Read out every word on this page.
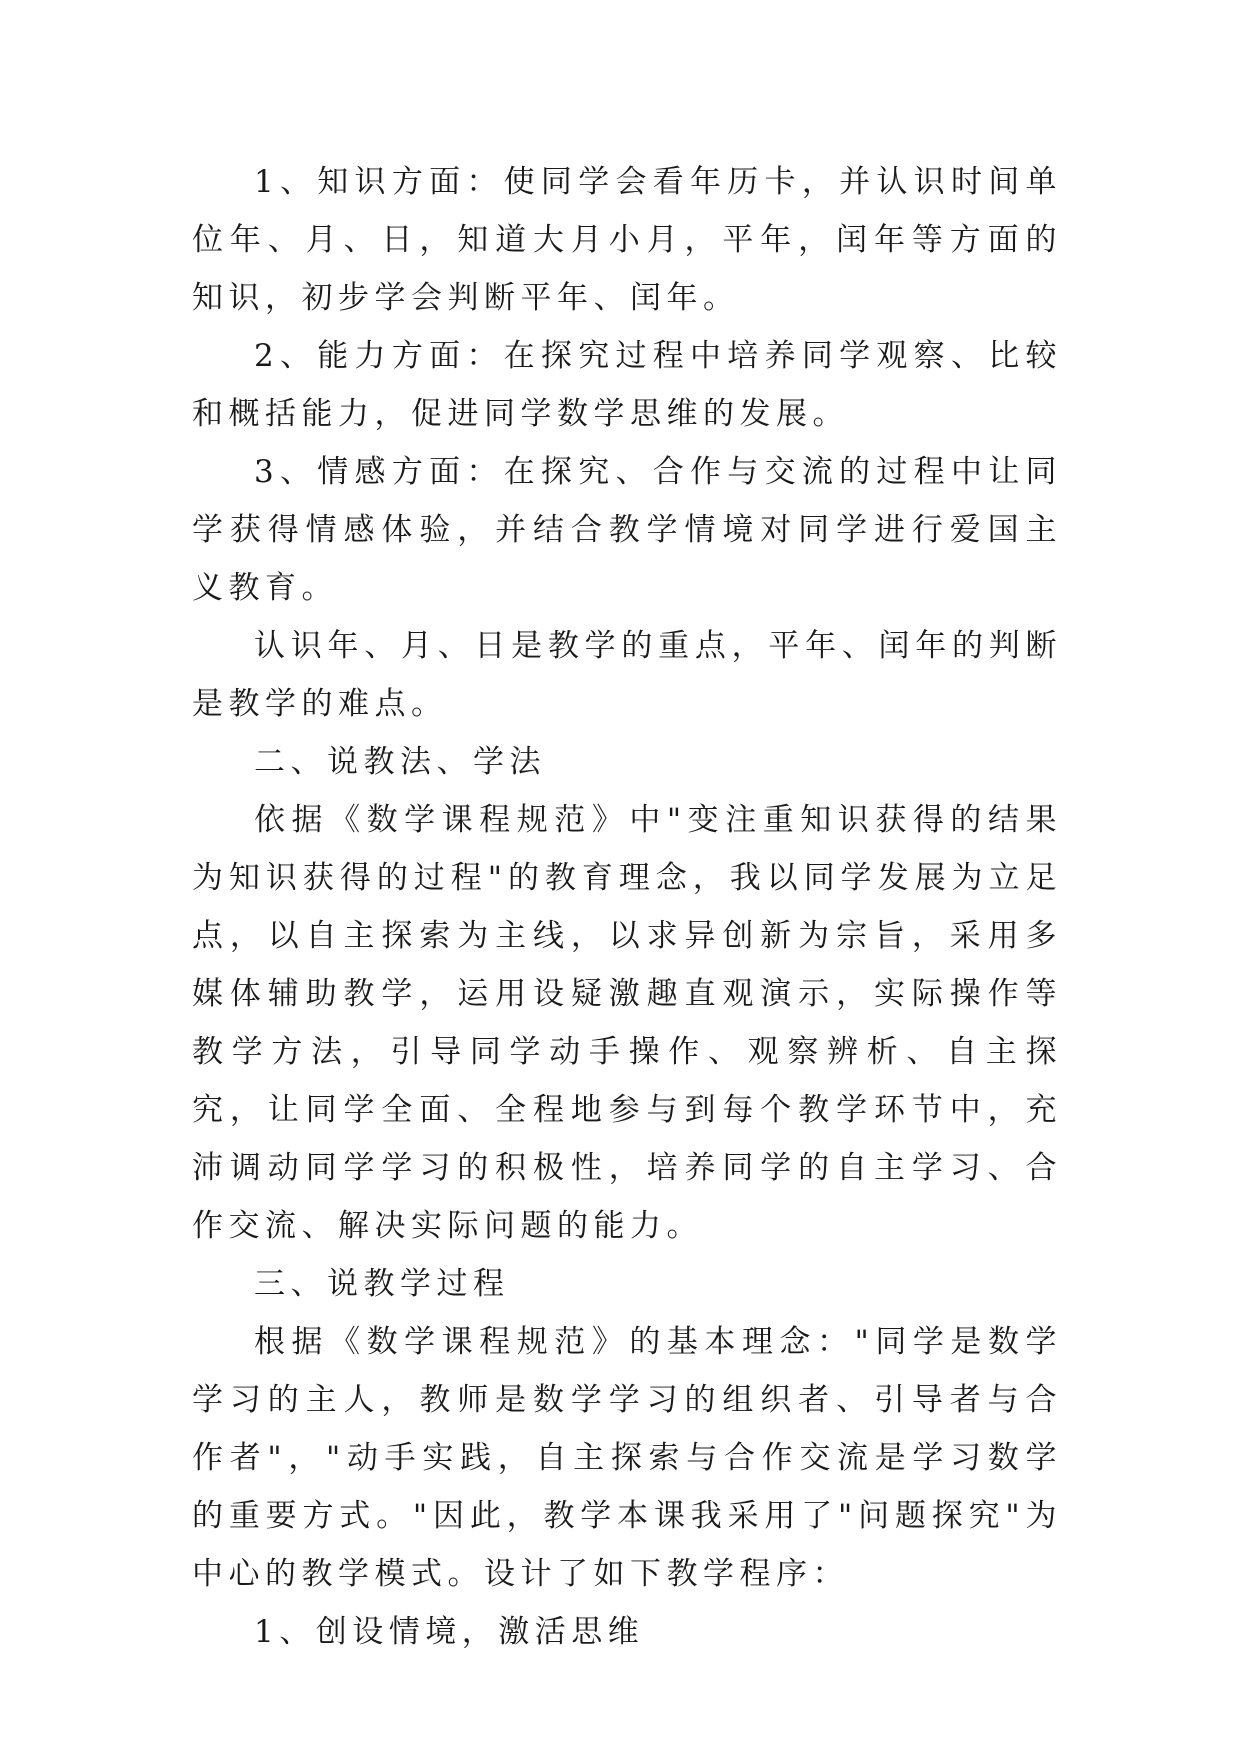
1、知识方面：使同学会看年历卡，并认识时间单位年、月、日，知道大月小月，平年，闰年等方面的知识，初步学会判断平年、闰年。

2、能力方面：在探究过程中培养同学观察、比较和概括能力，促进同学数学思维的发展。

3、情感方面：在探究、合作与交流的过程中让同学获得情感体验，并结合教学情境对同学进行爱国主义教育。

认识年、月、日是教学的重点，平年、闰年的判断是教学的难点。

二、说教法、学法

依据《数学课程规范》中"变注重知识获得的结果为知识获得的过程"的教育理念，我以同学发展为立足点，以自主探索为主线，以求异创新为宗旨，采用多媒体辅助教学，运用设疑激趣直观演示，实际操作等教学方法，引导同学动手操作、观察辨析、自主探究，让同学全面、全程地参与到每个教学环节中，充沛调动同学学习的积极性，培养同学的自主学习、合作交流、解决实际问题的能力。

三、说教学过程

根据《数学课程规范》的基本理念："同学是数学学习的主人，教师是数学学习的组织者、引导者与合作者"，"动手实践，自主探索与合作交流是学习数学的重要方式。"因此，教学本课我采用了"问题探究"为中心的教学模式。设计了如下教学程序：

1、创设情境，激活思维
